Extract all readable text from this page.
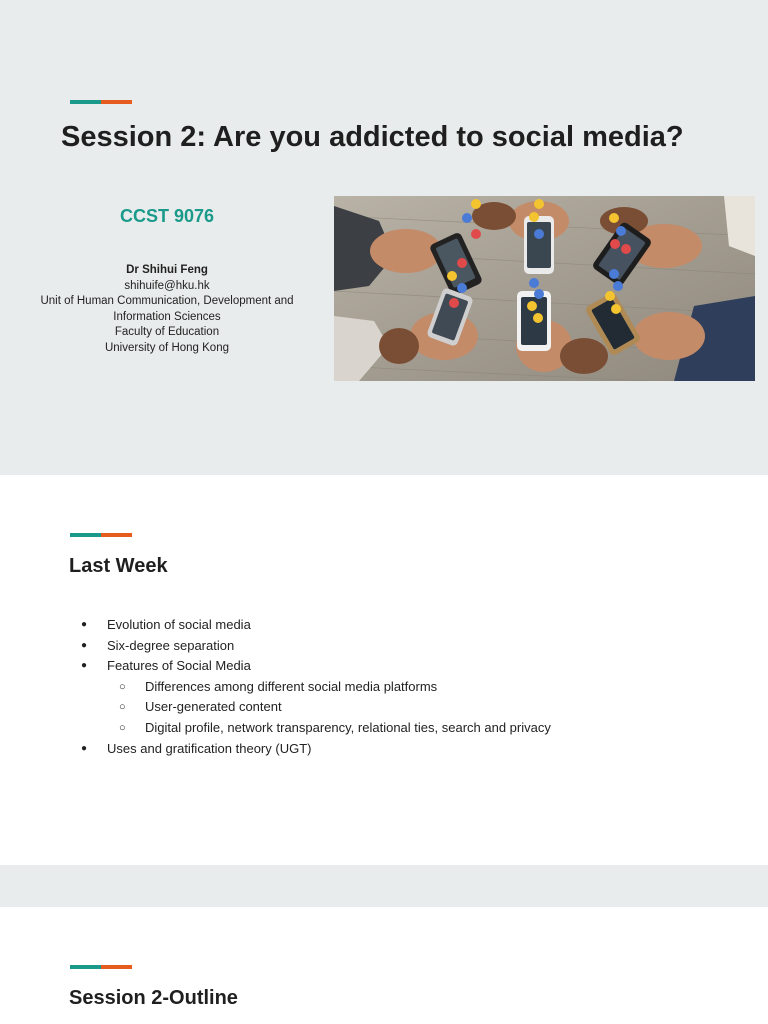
Session 2: Are you addicted to social media?
CCST 9076
Dr Shihui Feng
shihuife@hku.hk
Unit of Human Communication, Development and
Information Sciences
Faculty of Education
University of Hong Kong
Last Week
● Evolution of social media
● Six-degree separation
● Features of Social Media
○ Differences among different social media platforms
○ User-generated content
○ Digital profile, network transparency, relational ties, search and privacy
● Uses and gratification theory (UGT)
Session 2-Outline
